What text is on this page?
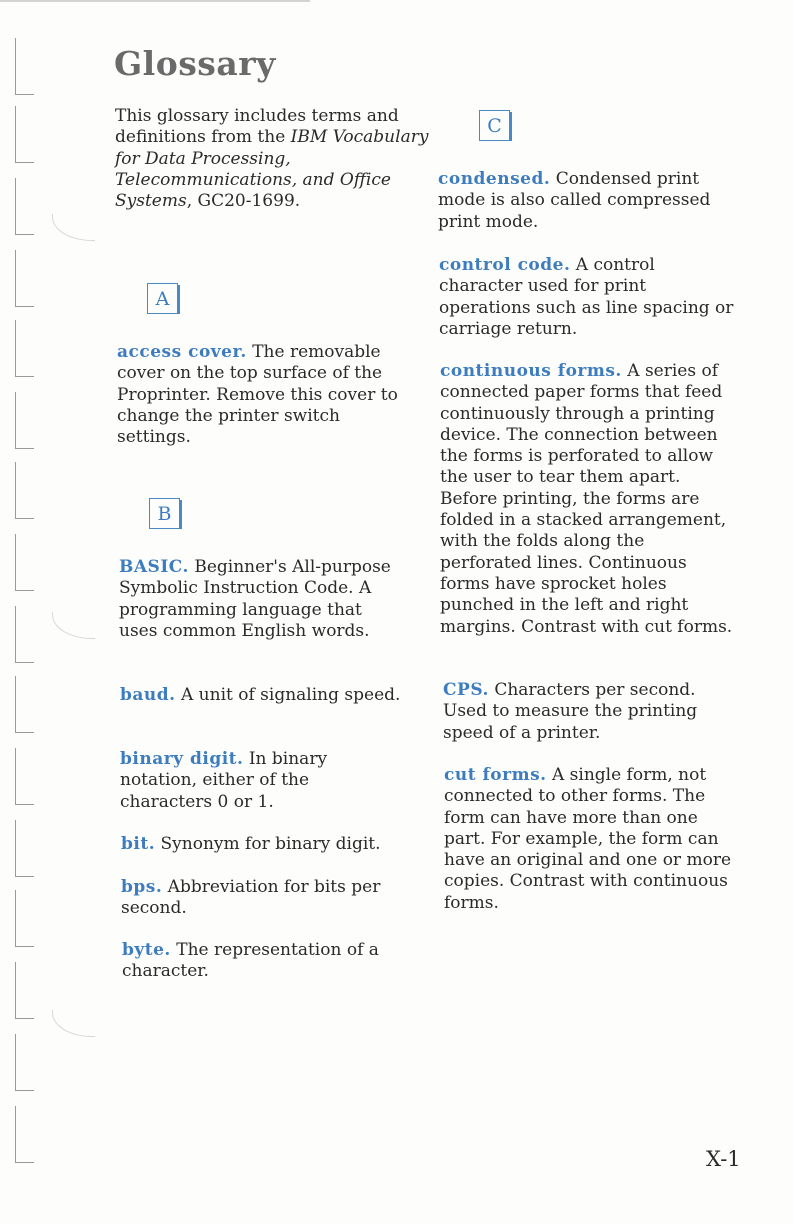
Glossary

This glossary includes terms and definitions from the IBM Vocabulary for Data Processing, Telecommunications, and Office Systems, GC20-1699.

A

access cover. The removable cover on the top surface of the Proprinter. Remove this cover to change the printer switch settings.

B

BASIC. Beginner's All-purpose Symbolic Instruction Code. A programming language that uses common English words.

baud. A unit of signaling speed.

binary digit. In binary notation, either of the characters 0 or 1.

bit. Synonym for binary digit.

bps. Abbreviation for bits per second.

byte. The representation of a character.

C

condensed. Condensed print mode is also called compressed print mode.

control code. A control character used for print operations such as line spacing or carriage return.

continuous forms. A series of connected paper forms that feed continuously through a printing device. The connection between the forms is perforated to allow the user to tear them apart. Before printing, the forms are folded in a stacked arrangement, with the folds along the perforated lines. Continuous forms have sprocket holes punched in the left and right margins. Contrast with cut forms.

CPS. Characters per second. Used to measure the printing speed of a printer.

cut forms. A single form, not connected to other forms. The form can have more than one part. For example, the form can have an original and one or more copies. Contrast with continuous forms.

X-1
